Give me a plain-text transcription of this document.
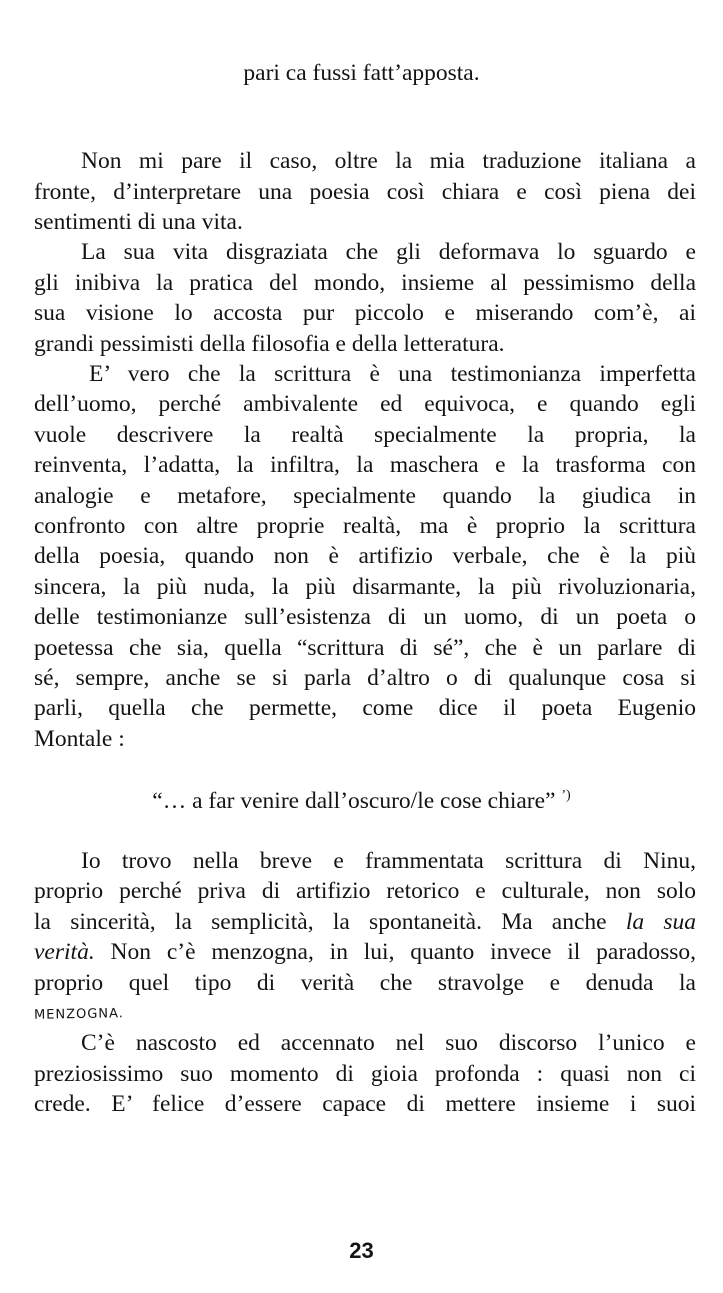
pari ca fussi fatt’apposta.
Non mi pare il caso, oltre la mia traduzione italiana a
fronte, d’interpretare una poesia così chiara e così piena dei
sentimenti di una vita.
La sua vita disgraziata che gli deformava lo sguardo e
gli inibiva la pratica del mondo, insieme al pessimismo della
sua visione lo accosta pur piccolo e miserando com’è, ai
grandi pessimisti della filosofia e della letteratura.
E’ vero che la scrittura è una testimonianza imperfetta
dell’uomo, perché ambivalente ed equivoca, e quando egli
vuole descrivere la realtà specialmente la propria, la
reinventa, l’adatta, la infiltra, la maschera e la trasforma con
analogie e metafore, specialmente quando la giudica in
confronto con altre proprie realtà, ma è proprio la scrittura
della poesia, quando non è artifizio verbale, che è la più
sincera, la più nuda, la più disarmante, la più rivoluzionaria,
delle testimonianze sull’esistenza di un uomo, di un poeta o
poetessa che sia, quella “scrittura di sé”, che è un parlare di
sé, sempre, anche se si parla d’altro o di qualunque cosa si
parli, quella che permette, come dice il poeta Eugenio
Montale :
“… a far venire dall’oscuro/le cose chiare” ’)
Io trovo nella breve e frammentata scrittura di Ninu,
proprio perché priva di artifizio retorico e culturale, non solo
la sincerità, la semplicità, la spontaneità. Ma anche la sua
verità. Non c’è menzogna, in lui, quanto invece il paradosso,
proprio quel tipo di verità che stravolge e denuda la
MENZOGNA.
C’è nascosto ed accennato nel suo discorso l’unico e
preziosissimo suo momento di gioia profonda : quasi non ci
crede. E’ felice d’essere capace di mettere insieme i suoi
23
